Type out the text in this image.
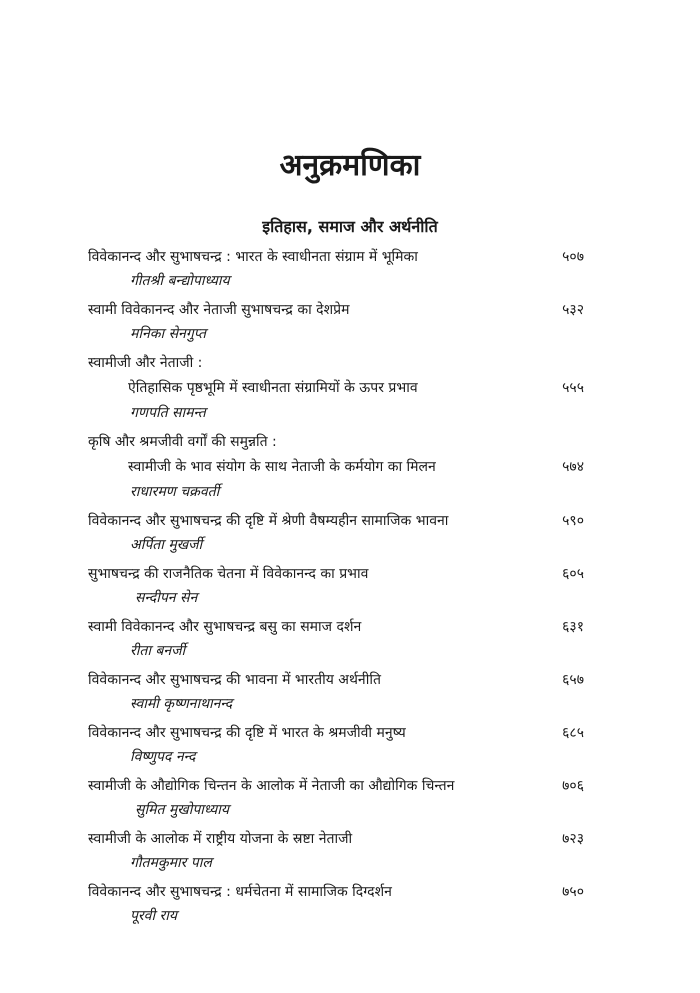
अनुक्रमणिका
इतिहास, समाज और अर्थनीति
विवेकानन्द और सुभाषचन्द्र : भारत के स्वाधीनता संग्राम में भूमिका	५०७
गीतश्री बन्द्योपाध्याय
स्वामी विवेकानन्द और नेताजी सुभाषचन्द्र का देशप्रेम	५३२
मनिका सेनगुप्त
स्वामीजी और नेताजी :
ऐतिहासिक पृष्ठभूमि में स्वाधीनता संग्रामियों के ऊपर प्रभाव	५५५
गणपति सामन्त
कृषि और श्रमजीवी वर्गों की समुन्नति :
स्वामीजी के भाव संयोग के साथ नेताजी के कर्मयोग का मिलन	५७४
राधारमण चक्रवर्ती
विवेकानन्द और सुभाषचन्द्र की दृष्टि में श्रेणी वैषम्यहीन सामाजिक भावना	५९०
अर्पिता मुखर्जी
सुभाषचन्द्र की राजनैतिक चेतना में विवेकानन्द का प्रभाव	६०५
सन्दीपन सेन
स्वामी विवेकानन्द और सुभाषचन्द्र बसु का समाज दर्शन	६३१
रीता बनर्जी
विवेकानन्द और सुभाषचन्द्र की भावना में भारतीय अर्थनीति	६५७
स्वामी कृष्णनाथानन्द
विवेकानन्द और सुभाषचन्द्र की दृष्टि में भारत के श्रमजीवी मनुष्य	६८५
विष्णुपद नन्द
स्वामीजी के औद्योगिक चिन्तन के आलोक में नेताजी का औद्योगिक चिन्तन	७०६
सुमित मुखोपाध्याय
स्वामीजी के आलोक में राष्ट्रीय योजना के स्रष्टा नेताजी	७२३
गौतमकुमार पाल
विवेकानन्द और सुभाषचन्द्र : धर्मचेतना में सामाजिक दिग्दर्शन	७५०
पूरवी राय
